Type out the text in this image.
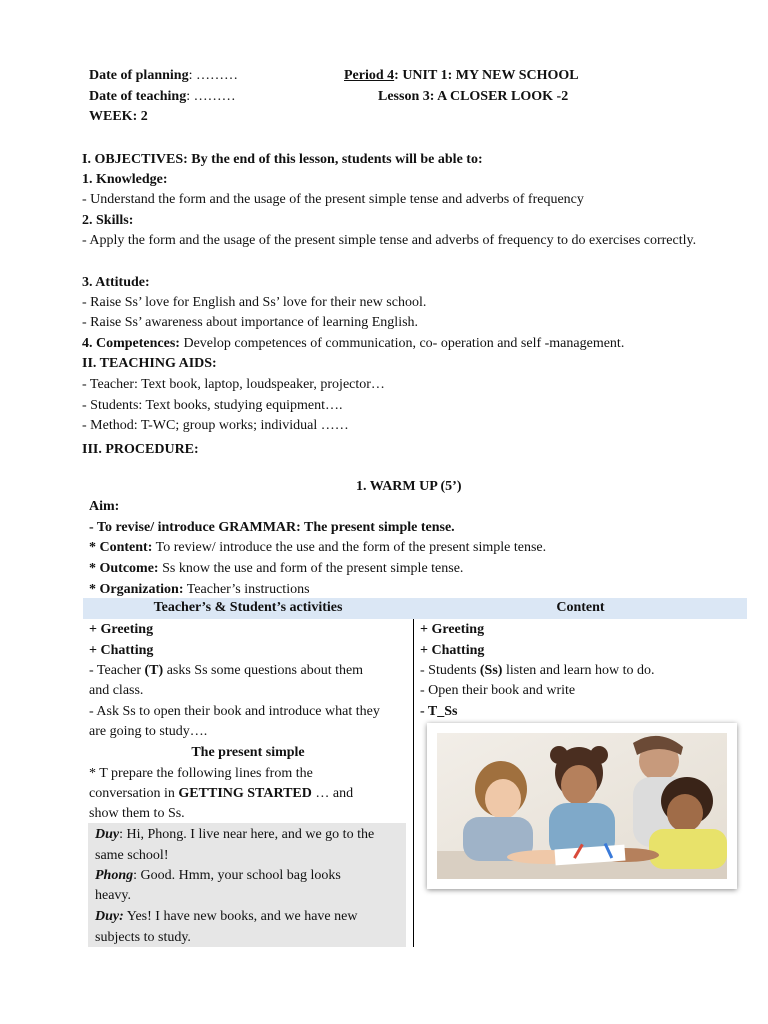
Date of planning: ………
Date of teaching: ………
WEEK: 2
Period 4: UNIT 1: MY NEW SCHOOL
Lesson 3: A CLOSER LOOK -2
I. OBJECTIVES: By the end of this lesson, students will be able to:
1. Knowledge:
- Understand the form and the usage of the present simple tense and adverbs of frequency
2. Skills:
- Apply the form and the usage of the present simple tense and adverbs of frequency to do exercises correctly.
3. Attitude:
- Raise Ss’ love for English and Ss’ love for their new school.
- Raise Ss’ awareness about importance of learning English.
4. Competences: Develop competences of communication, co- operation and self -management.
II. TEACHING AIDS:
- Teacher: Text book, laptop, loudspeaker, projector…
- Students: Text books, studying equipment….
- Method: T-WC; group works; individual ……
III. PROCEDURE:
1. WARM UP (5’)
Aim:
- To revise/ introduce GRAMMAR: The present simple tense.
* Content: To review/ introduce the use and the form of the present simple tense.
* Outcome: Ss know the use and form of the present simple tense.
* Organization: Teacher’s instructions
Teacher’s & Student’s activities	Content
+ Greeting
+ Chatting
- Teacher (T) asks Ss some questions about them
and class.
- Ask Ss to open their book and introduce what they
are going to study….
The present simple
* T prepare the following lines from the
conversation in GETTING STARTED … and
show them to Ss.
Duy: Hi, Phong. I live near here, and we go to the
same school!
Phong: Good. Hmm, your school bag looks
heavy.
Duy: Yes! I have new books, and we have new
subjects to study.
+ Greeting
+ Chatting
- Students (Ss) listen and learn how to do.
- Open their book and write
- T_Ss
